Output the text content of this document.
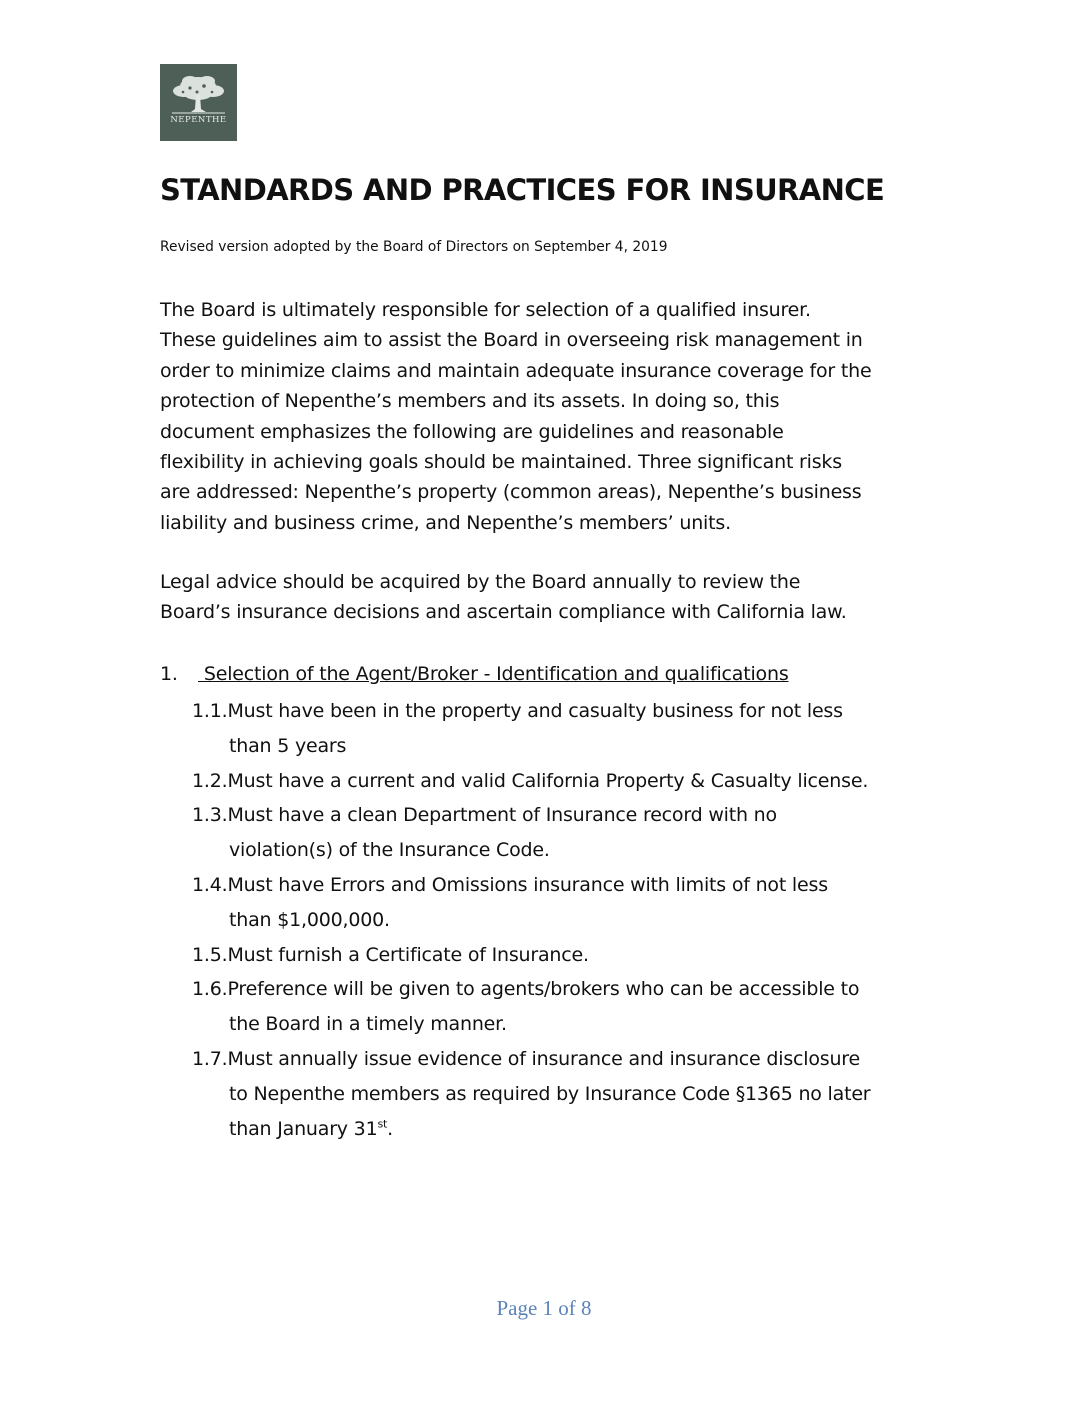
NEPENTHE
STANDARDS AND PRACTICES FOR INSURANCE
Revised version adopted by the Board of Directors on September 4, 2019
The Board is ultimately responsible for selection of a qualified insurer.
These guidelines aim to assist the Board in overseeing risk management in
order to minimize claims and maintain adequate insurance coverage for the
protection of Nepenthe’s members and its assets. In doing so, this
document emphasizes the following are guidelines and reasonable
flexibility in achieving goals should be maintained. Three significant risks
are addressed: Nepenthe’s property (common areas), Nepenthe’s business
liability and business crime, and Nepenthe’s members’ units.
Legal advice should be acquired by the Board annually to review the
Board’s insurance decisions and ascertain compliance with California law.
1. Selection of the Agent/Broker - Identification and qualifications
1.1.Must have been in the property and casualty business for not less
than 5 years
1.2.Must have a current and valid California Property & Casualty license.
1.3.Must have a clean Department of Insurance record with no
violation(s) of the Insurance Code.
1.4.Must have Errors and Omissions insurance with limits of not less
than $1,000,000.
1.5.Must furnish a Certificate of Insurance.
1.6.Preference will be given to agents/brokers who can be accessible to
the Board in a timely manner.
1.7.Must annually issue evidence of insurance and insurance disclosure
to Nepenthe members as required by Insurance Code §1365 no later
than January 31st.
Page 1 of 8
